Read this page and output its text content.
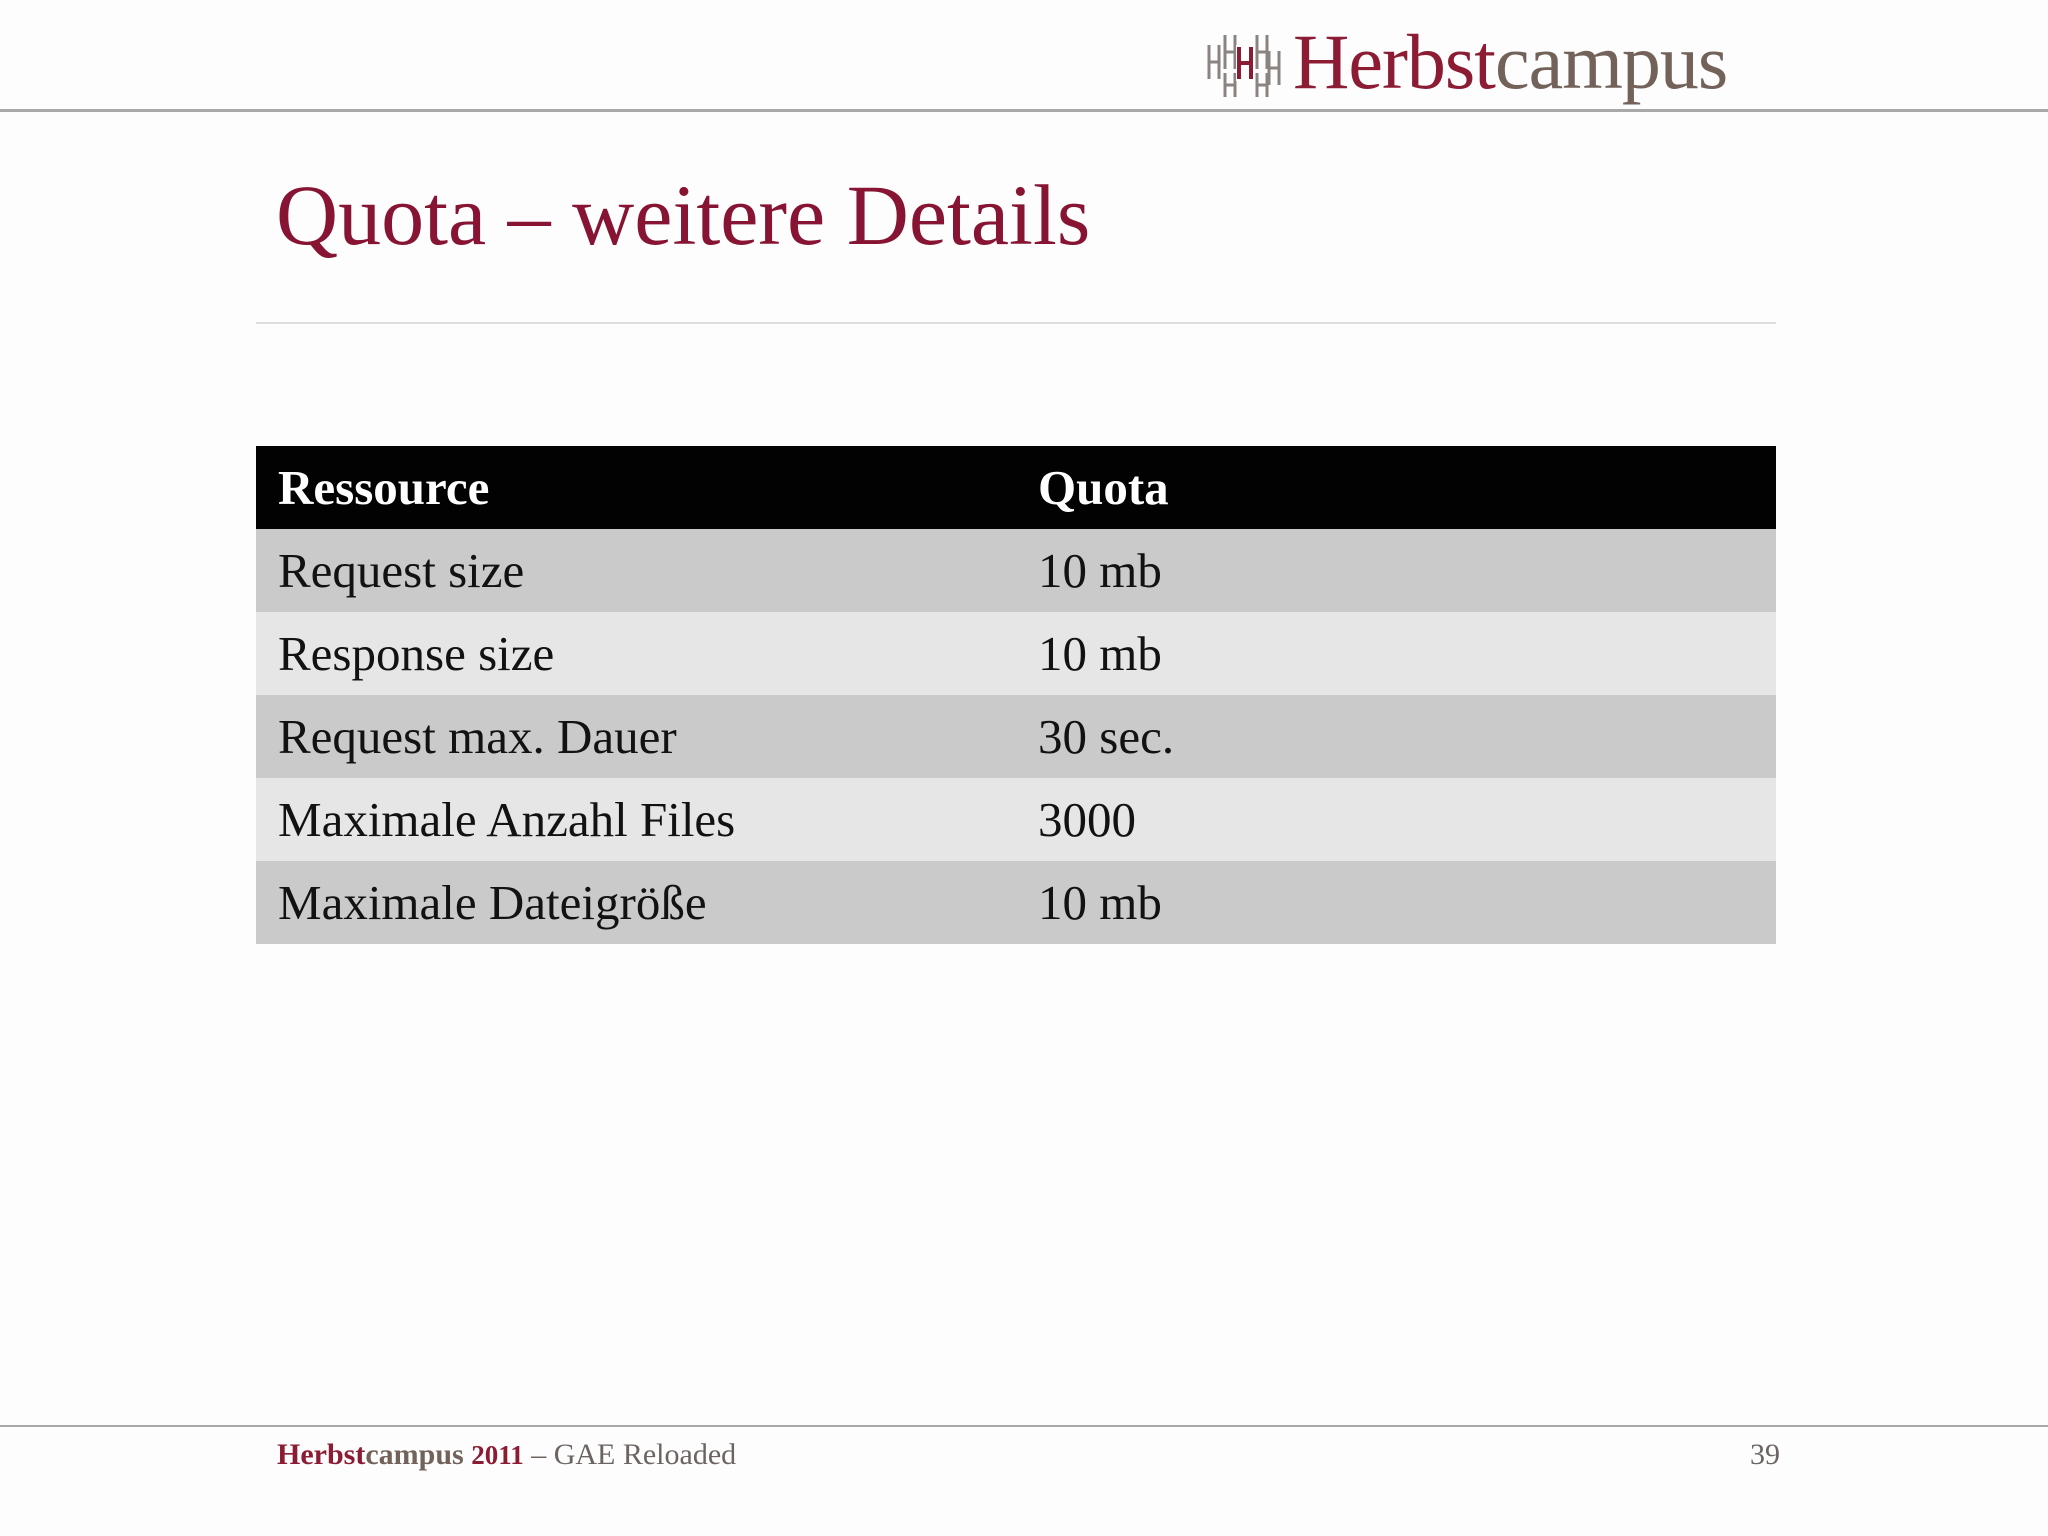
Herbstcampus
Quota – weitere Details
Ressource	Quota
Request size	10 mb
Response size	10 mb
Request max. Dauer	30 sec.
Maximale Anzahl Files	3000
Maximale Dateigröße	10 mb
Herbstcampus 2011 – GAE Reloaded	39
